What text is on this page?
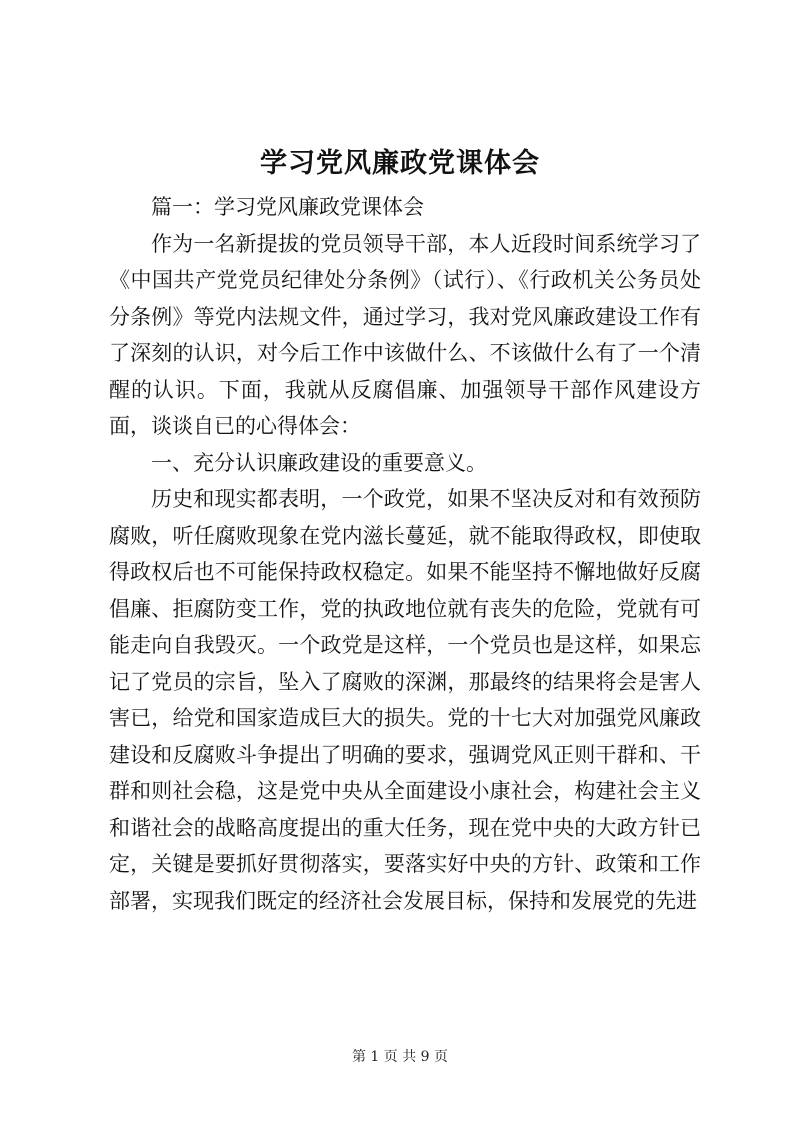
学习党风廉政党课体会

篇一：学习党风廉政党课体会

作为一名新提拔的党员领导干部，本人近段时间系统学习了《中国共产党党员纪律处分条例》（试行）、《行政机关公务员处分条例》等党内法规文件，通过学习，我对党风廉政建设工作有了深刻的认识，对今后工作中该做什么、不该做什么有了一个清醒的认识。下面，我就从反腐倡廉、加强领导干部作风建设方面，谈谈自已的心得体会：

一、充分认识廉政建设的重要意义。

历史和现实都表明，一个政党，如果不坚决反对和有效预防腐败，听任腐败现象在党内滋长蔓延，就不能取得政权，即使取得政权后也不可能保持政权稳定。如果不能坚持不懈地做好反腐倡廉、拒腐防变工作，党的执政地位就有丧失的危险，党就有可能走向自我毁灭。一个政党是这样，一个党员也是这样，如果忘记了党员的宗旨，坠入了腐败的深渊，那最终的结果将会是害人害已，给党和国家造成巨大的损失。党的十七大对加强党风廉政建设和反腐败斗争提出了明确的要求，强调党风正则干群和、干群和则社会稳，这是党中央从全面建设小康社会，构建社会主义和谐社会的战略高度提出的重大任务，现在党中央的大政方针已定，关键是要抓好贯彻落实，要落实好中央的方针、政策和工作部署，实现我们既定的经济社会发展目标，保持和发展党的先进

第 1 页 共 9 页
